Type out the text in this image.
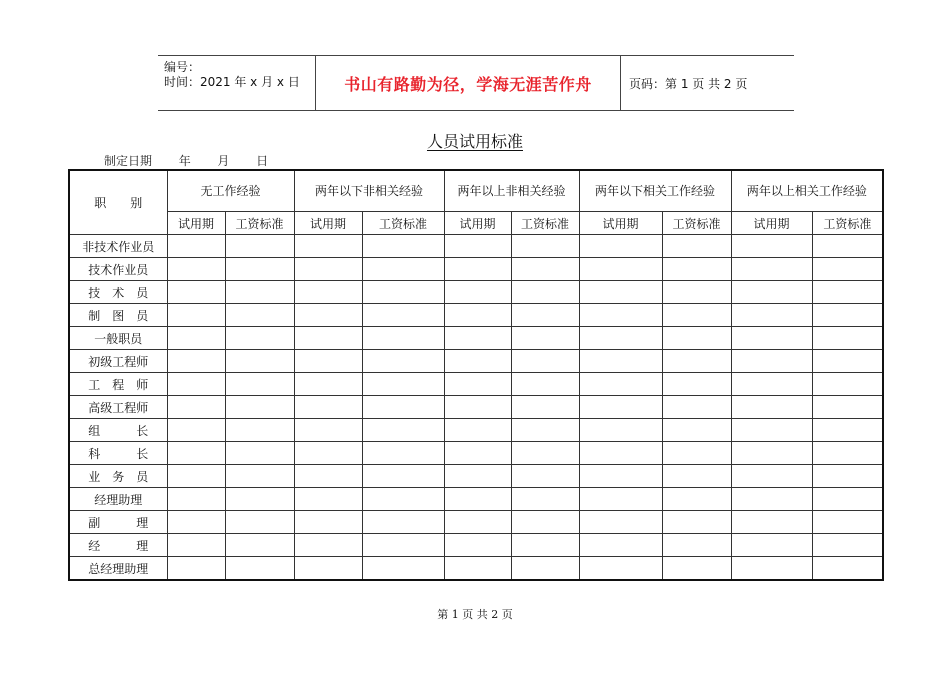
编号：
时间：2021 年 x 月 x 日	书山有路勤为径，学海无涯苦作舟	页码：第 1 页 共 2 页
人员试用标准
制定日期       年       月       日
职　　别	无工作经验		两年以下非相关经验		两年以上非相关经验		两年以下相关工作经验		两年以上相关工作经验	
	试用期	工资标准	试用期	工资标准	试用期	工资标准	试用期	工资标准	试用期	工资标准
非技术作业员										
技术作业员										
技　术　员										
制　图　员										
一般职员										
初级工程师										
工　程　师										
高级工程师										
组　　　长										
科　　　长										
业　务　员										
经理助理										
副　　　理										
经　　　理										
总经理助理										
第 1 页 共 2 页
